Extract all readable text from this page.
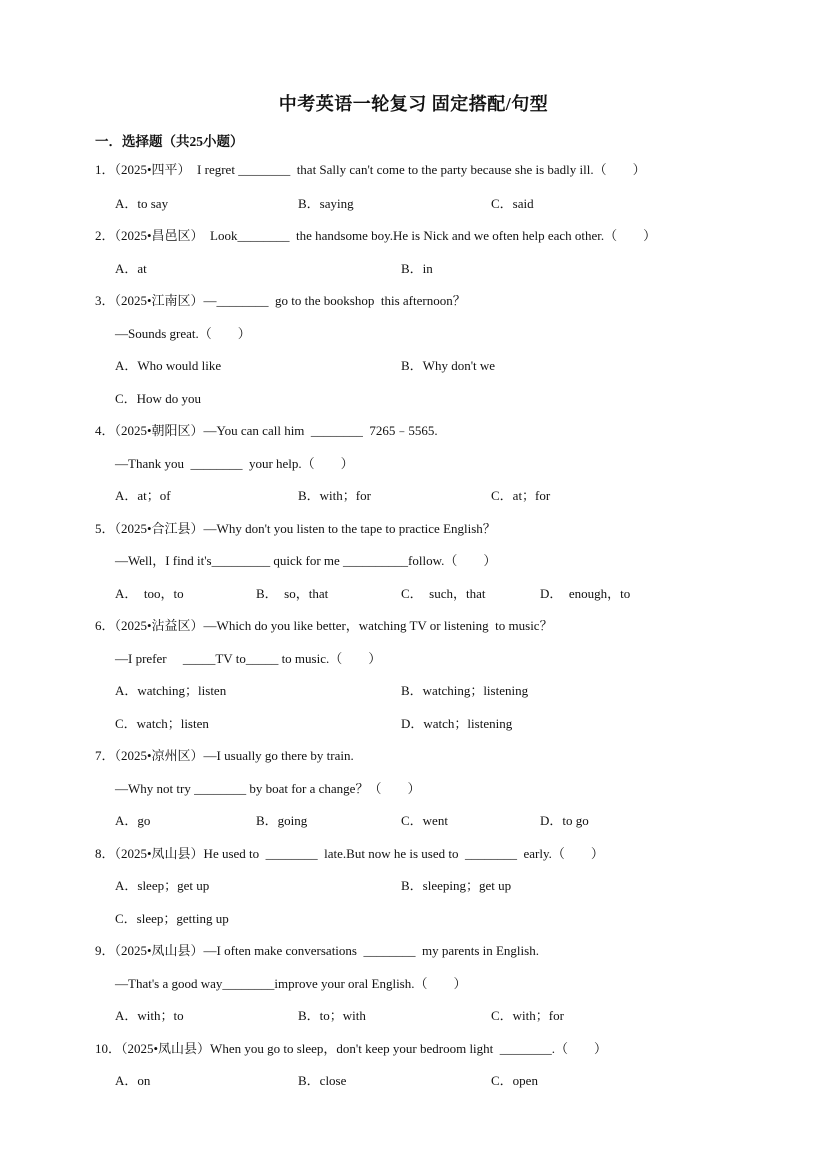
中考英语一轮复习 固定搭配/句型
一．选择题（共25小题）
1．（2025•四平）  I regret ________  that Sally can't come to the party because she is badly ill.（        ）
A．to say	B．saying	C．said
2．（2025•昌邑区）  Look________  the handsome boy.He is Nick and we often help each other.（        ）
A．at	B．in
3．（2025•江南区）—________  go to the bookshop  this afternoon？
—Sounds great.（        ）
A．Who would like	B．Why don't we
C．How do you
4．（2025•朝阳区）—You can call him  ________  7265﹣5565.
—Thank you  ________  your help.（        ）
A．at；of	B．with；for	C．at；for
5．（2025•合江县）—Why don't you listen to the tape to practice English？
—Well，I find it's_________ quick for me __________follow.（        ）
A．  too，to	B．  so，that	C．  such，that	D．  enough，to
6．（2025•沾益区）—Which do you like better，watching TV or listening  to music？
—I prefer     _____TV to_____ to music.（        ）
A．watching；listen	B．watching；listening
C．watch；listen	D．watch；listening
7．（2025•凉州区）—I usually go there by train.
—Why not try ________ by boat for a change？（        ）
A．go	B．going	C．went	D．to go
8．（2025•凤山县）He used to  ________  late.But now he is used to  ________  early.（        ）
A．sleep；get up	B．sleeping；get up
C．sleep；getting up
9．（2025•凤山县）—I often make conversations  ________  my parents in English.
—That's a good way________improve your oral English.（        ）
A．with；to	B．to；with	C．with；for
10．（2025•凤山县）When you go to sleep，don't keep your bedroom light  ________.（        ）
A．on	B．close	C．open
